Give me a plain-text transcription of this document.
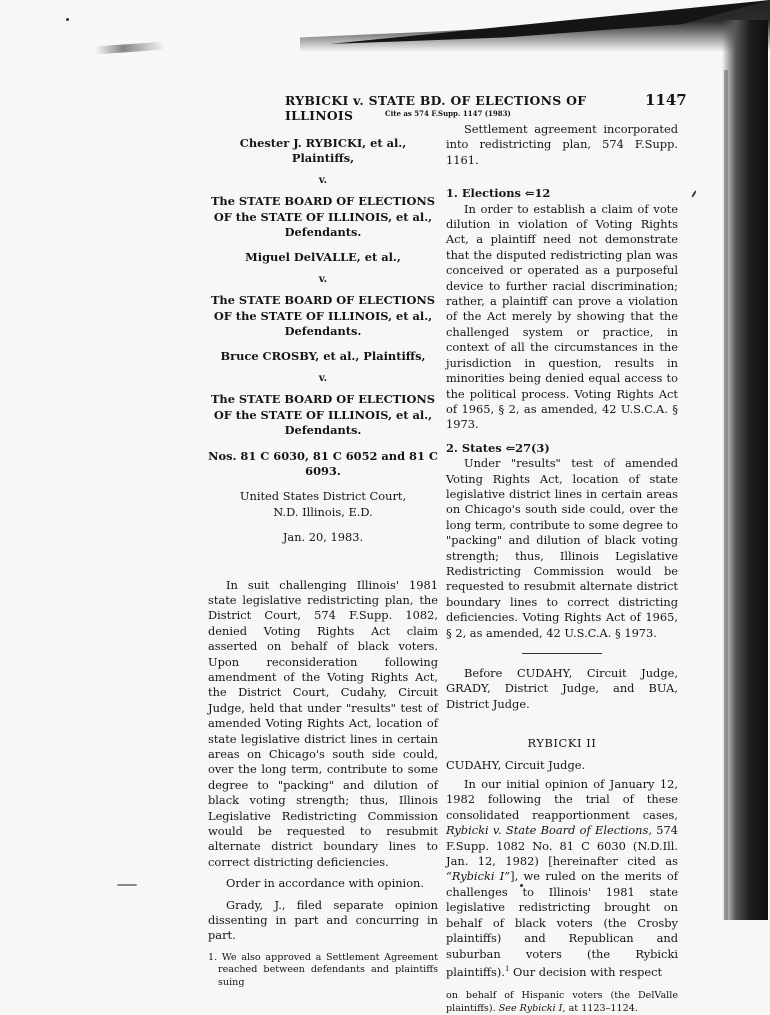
RYBICKI v. STATE BD. OF ELECTIONS OF ILLINOIS
1147
Cite as 574 F.Supp. 1147 (1983)

Chester J. RYBICKI, et al., Plaintiffs,

v.

The STATE BOARD OF ELECTIONS OF the STATE OF ILLINOIS, et al., Defendants.

Miguel DelVALLE, et al.,

v.

The STATE BOARD OF ELECTIONS OF the STATE OF ILLINOIS, et al., Defendants.

Bruce CROSBY, et al., Plaintiffs,

v.

The STATE BOARD OF ELECTIONS OF the STATE OF ILLINOIS, et al., Defendants.

Nos. 81 C 6030, 81 C 6052 and 81 C 6093.

United States District Court,

N.D. Illinois, E.D.

Jan. 20, 1983.

In suit challenging Illinois' 1981 state legislative redistricting plan, the District Court, 574 F.Supp. 1082, denied Voting Rights Act claim asserted on behalf of black voters. Upon reconsideration following amendment of the Voting Rights Act, the District Court, Cudahy, Circuit Judge, held that under "results" test of amended Voting Rights Act, location of state legislative district lines in certain areas on Chicago's south side could, over the long term, contribute to some degree to "packing" and dilution of black voting strength; thus, Illinois Legislative Redistricting Commission would be requested to resubmit alternate district boundary lines to correct districting deficiencies.

Order in accordance with opinion.

Grady, J., filed separate opinion dissenting in part and concurring in part.

1. We also approved a Settlement Agreement reached between defendants and plaintiffs suing

Settlement agreement incorporated into redistricting plan, 574 F.Supp. 1161.

1. Elections ⇐12

In order to establish a claim of vote dilution in violation of Voting Rights Act, a plaintiff need not demonstrate that the disputed redistricting plan was conceived or operated as a purposeful device to further racial discrimination; rather, a plaintiff can prove a violation of the Act merely by showing that the challenged system or practice, in context of all the circumstances in the jurisdiction in question, results in minorities being denied equal access to the political process. Voting Rights Act of 1965, § 2, as amended, 42 U.S.C.A. § 1973.

2. States ⇐27(3)

Under "results" test of amended Voting Rights Act, location of state legislative district lines in certain areas on Chicago's south side could, over the long term, contribute to some degree to "packing" and dilution of black voting strength; thus, Illinois Legislative Redistricting Commission would be requested to resubmit alternate district boundary lines to correct districting deficiencies. Voting Rights Act of 1965, § 2, as amended, 42 U.S.C.A. § 1973.

Before CUDAHY, Circuit Judge, GRADY, District Judge, and BUA, District Judge.

RYBICKI II

CUDAHY, Circuit Judge.

In our initial opinion of January 12, 1982 following the trial of these consolidated reapportionment cases, Rybicki v. State Board of Elections, 574 F.Supp. 1082 No. 81 C 6030 (N.D.Ill. Jan. 12, 1982) [hereinafter cited as “Rybicki I”], we ruled on the merits of challenges to Illinois' 1981 state legislative redistricting brought on behalf of black voters (the Crosby plaintiffs) and Republican and suburban voters (the Rybicki plaintiffs).$^1$ Our decision with respect

on behalf of Hispanic voters (the DelValle plaintiffs). See Rybicki I, at 1123–1124.
